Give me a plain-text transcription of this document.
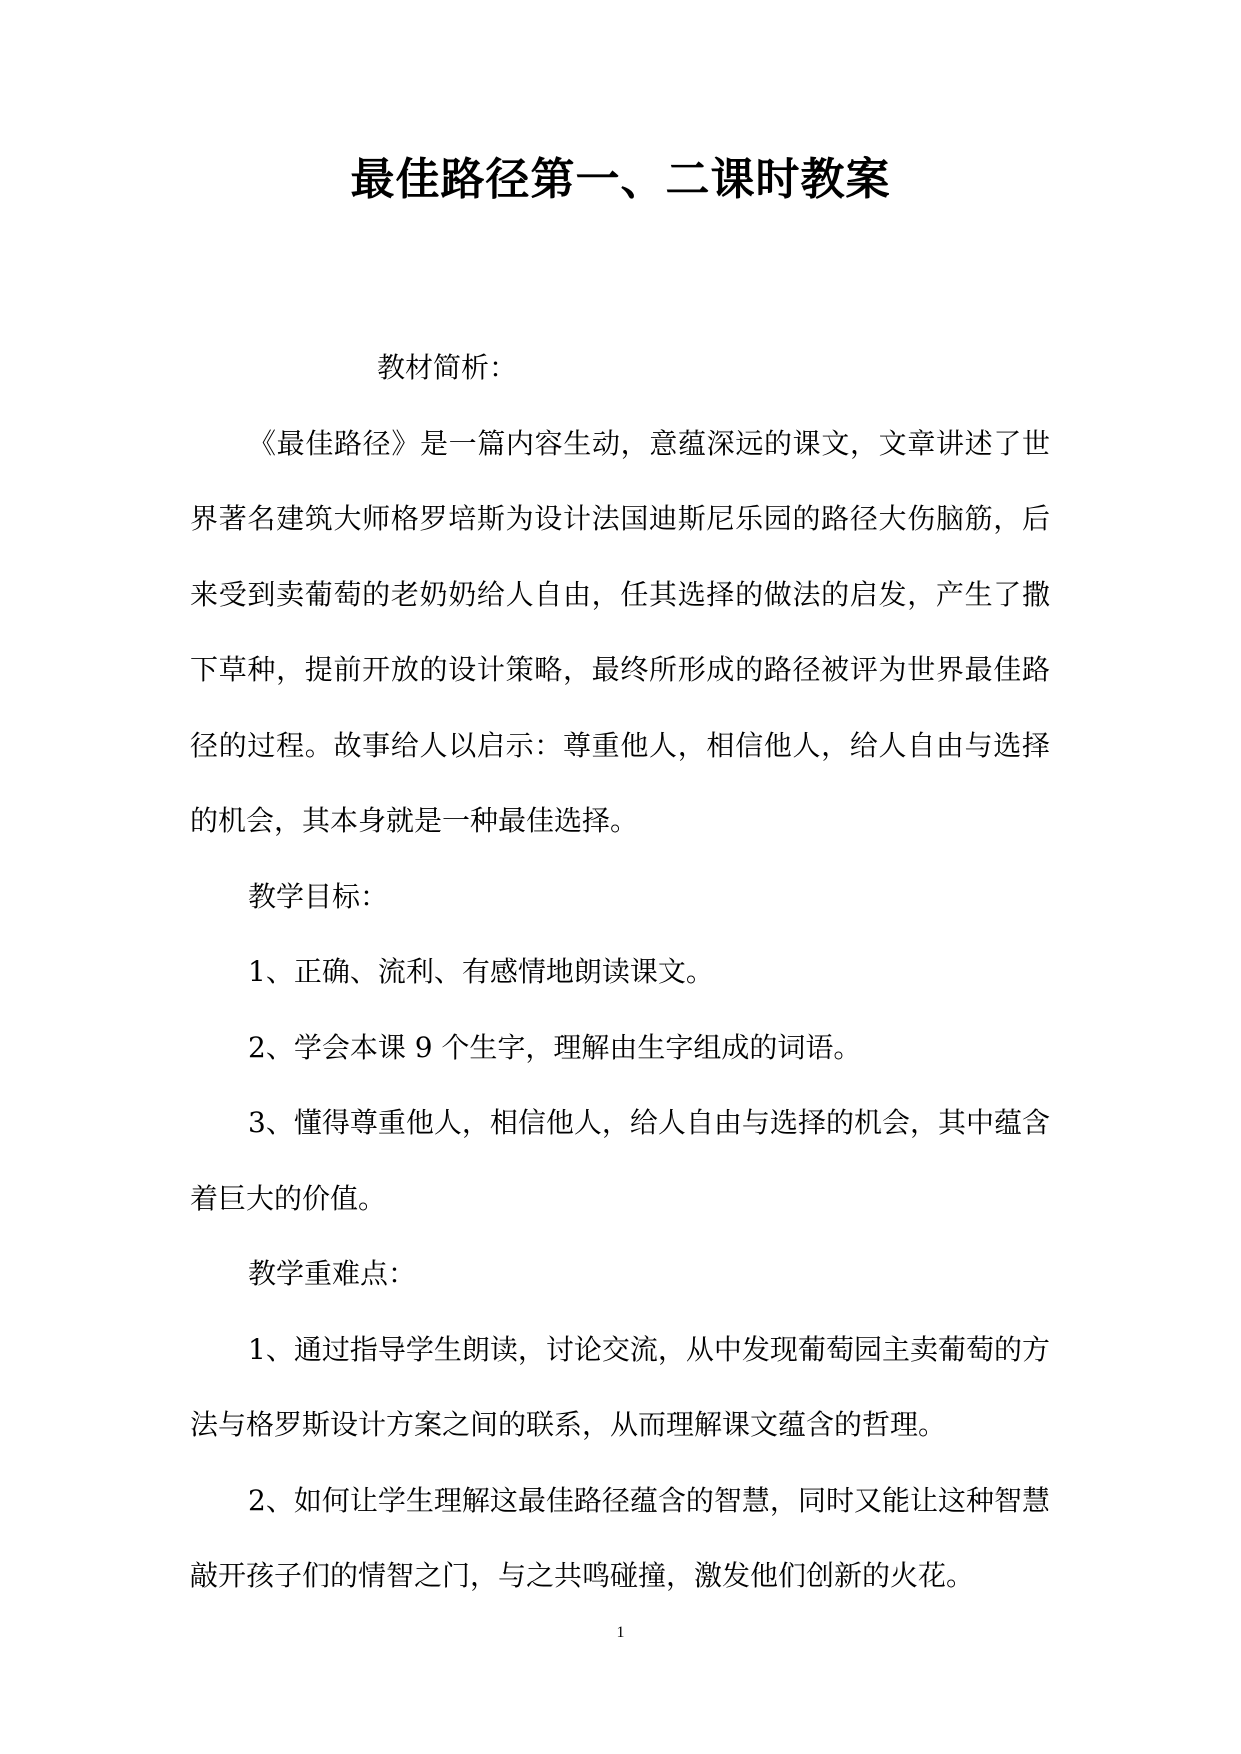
最佳路径第一、二课时教案

教材简析：

《最佳路径》是一篇内容生动，意蕴深远的课文，文章讲述了世界著名建筑大师格罗培斯为设计法国迪斯尼乐园的路径大伤脑筋，后来受到卖葡萄的老奶奶给人自由，任其选择的做法的启发，产生了撒下草种，提前开放的设计策略，最终所形成的路径被评为世界最佳路径的过程。故事给人以启示：尊重他人，相信他人，给人自由与选择的机会，其本身就是一种最佳选择。

教学目标：

1、正确、流利、有感情地朗读课文。

2、学会本课 9 个生字，理解由生字组成的词语。

3、懂得尊重他人，相信他人，给人自由与选择的机会，其中蕴含着巨大的价值。

教学重难点：

1、通过指导学生朗读，讨论交流，从中发现葡萄园主卖葡萄的方法与格罗斯设计方案之间的联系，从而理解课文蕴含的哲理。

2、如何让学生理解这最佳路径蕴含的智慧，同时又能让这种智慧敲开孩子们的情智之门，与之共鸣碰撞，激发他们创新的火花。

1
